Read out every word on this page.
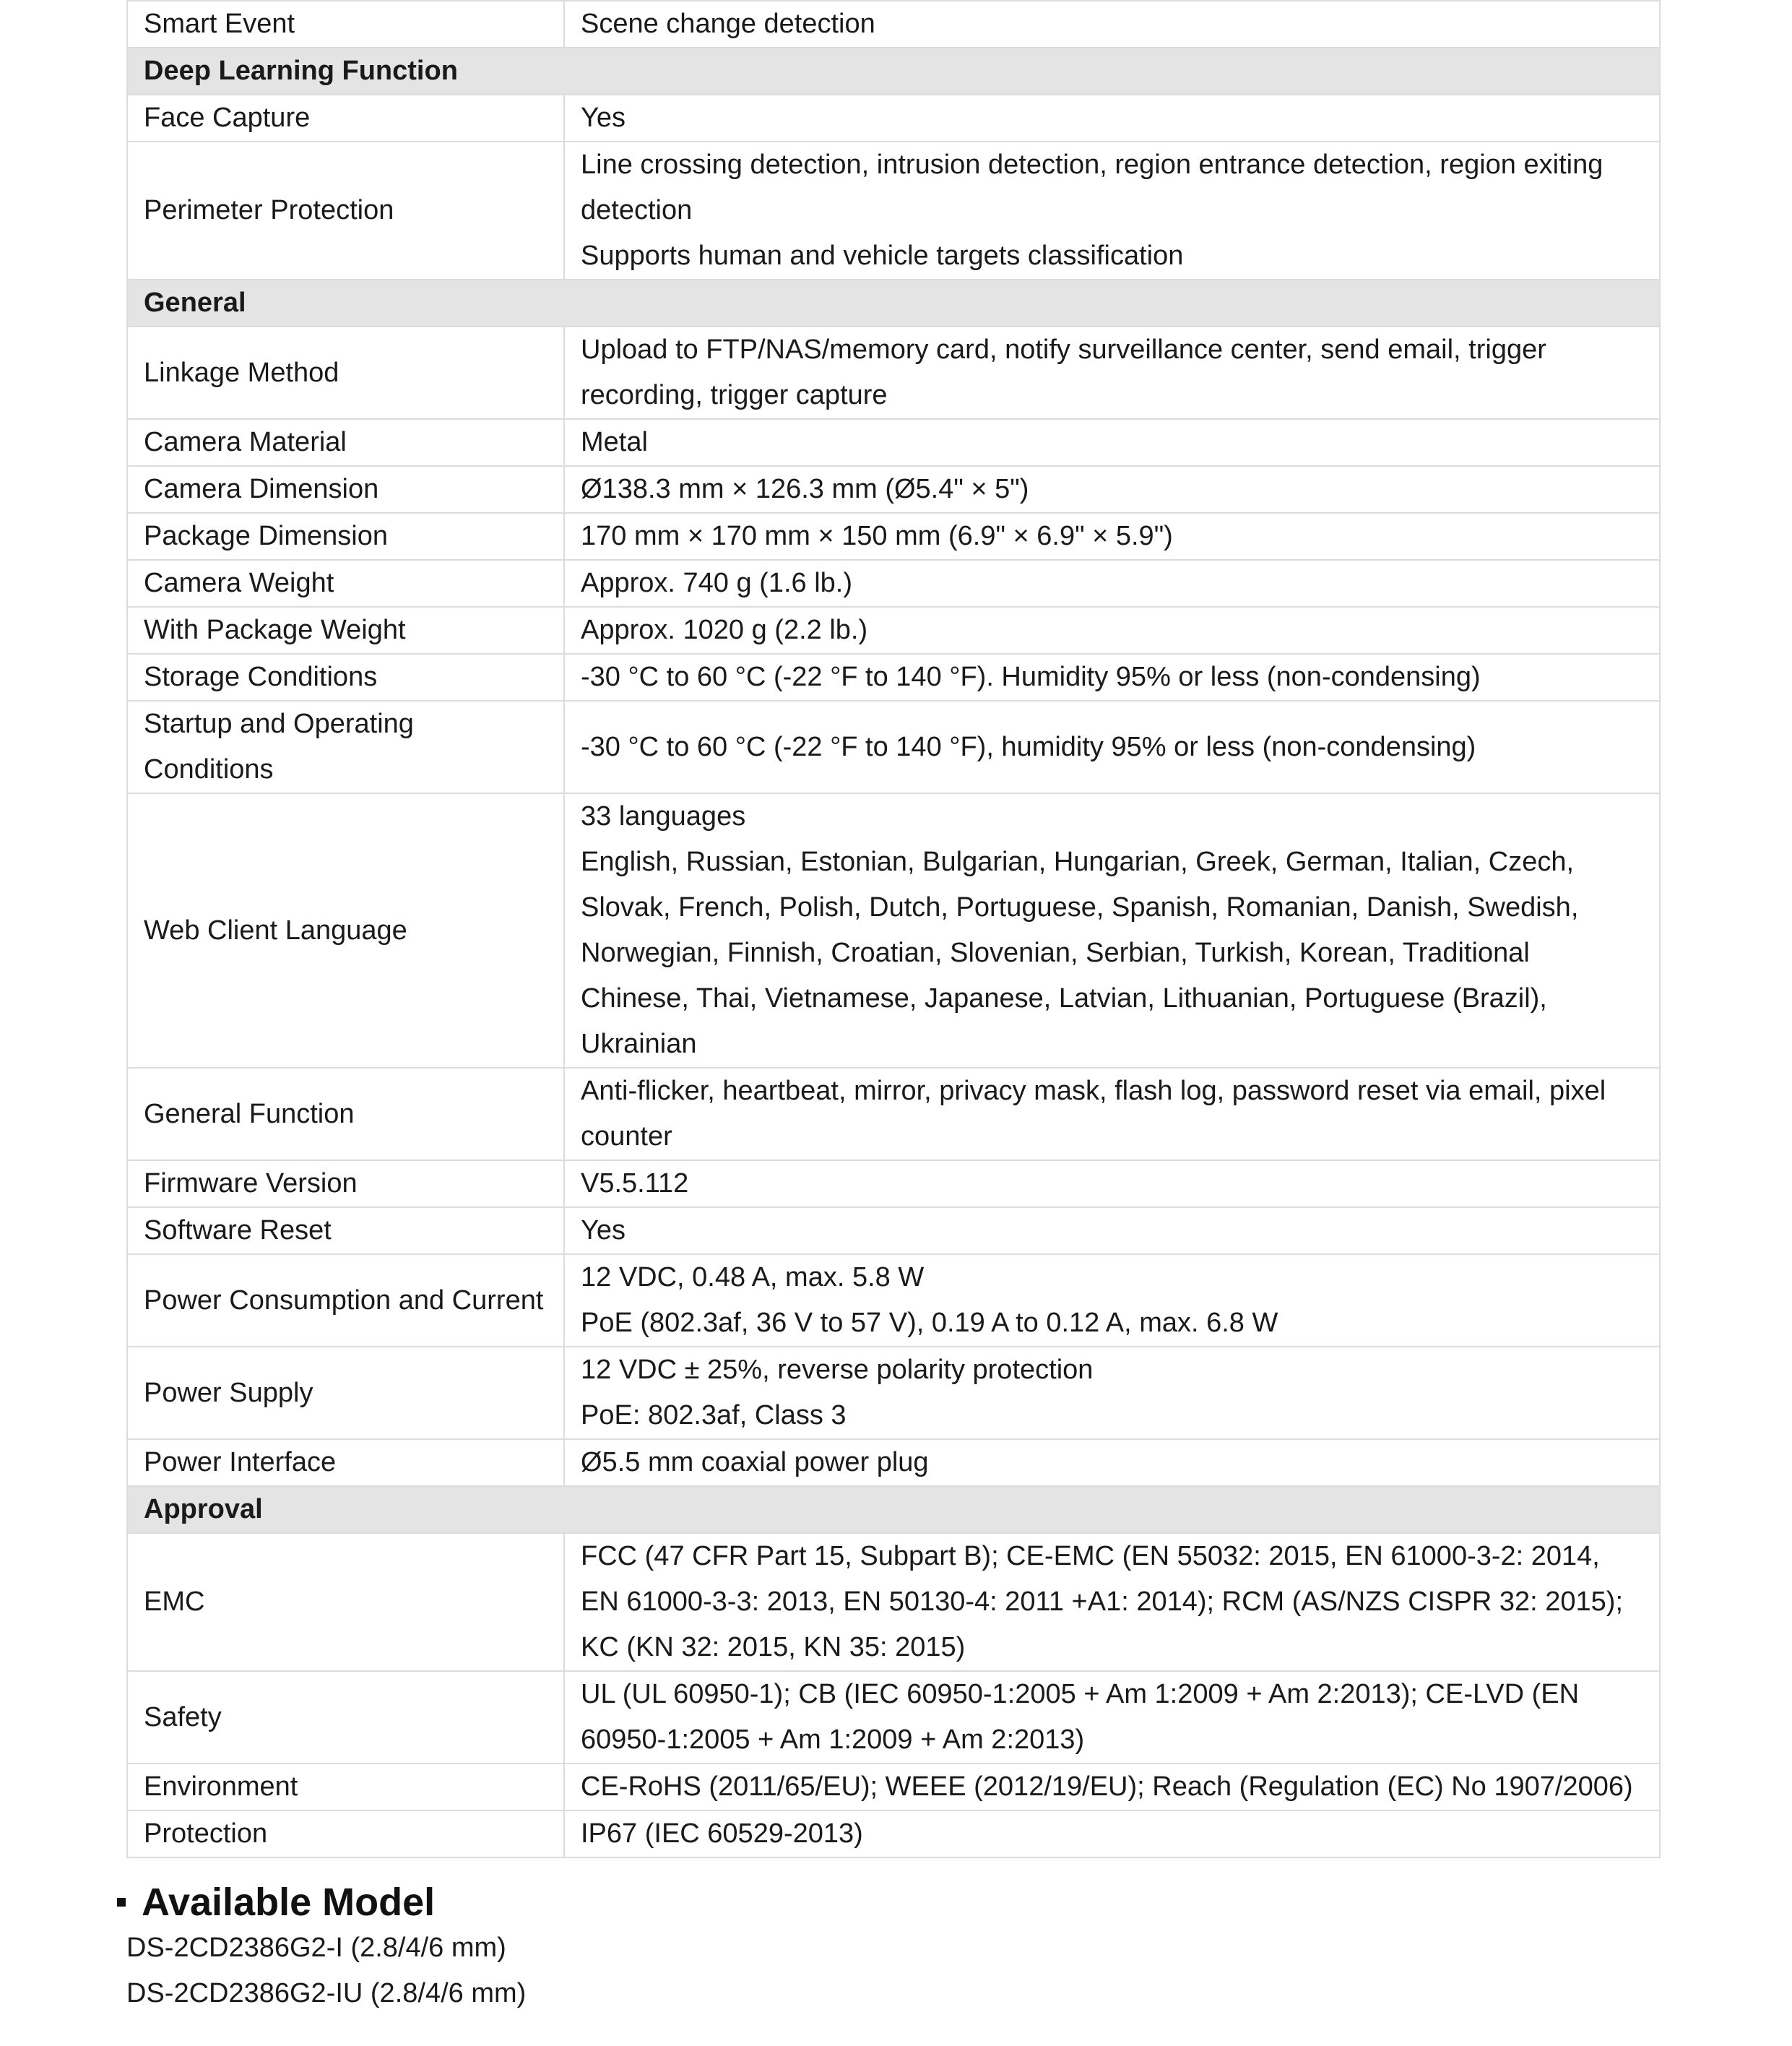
Smart Event	Scene change detection

Deep Learning Function	
Face Capture	Yes

Perimeter Protection	Line crossing detection, intrusion detection, region entrance detection, region exiting detection
Supports human and vehicle targets classification

General	
Linkage Method	Upload to FTP/NAS/memory card, notify surveillance center, send email, trigger recording, trigger capture

Camera Material	Metal

Camera Dimension	Ø138.3 mm × 126.3 mm (Ø5.4" × 5")

Package Dimension	170 mm × 170 mm × 150 mm (6.9" × 6.9" × 5.9")

Camera Weight	Approx. 740 g (1.6 lb.)

With Package Weight	Approx. 1020 g (2.2 lb.)

Storage Conditions	-30 °C to 60 °C (-22 °F to 140 °F). Humidity 95% or less (non-condensing)

Startup and Operating Conditions	-30 °C to 60 °C (-22 °F to 140 °F), humidity 95% or less (non-condensing)

Web Client Language	33 languages
English, Russian, Estonian, Bulgarian, Hungarian, Greek, German, Italian, Czech, Slovak, French, Polish, Dutch, Portuguese, Spanish, Romanian, Danish, Swedish, Norwegian, Finnish, Croatian, Slovenian, Serbian, Turkish, Korean, Traditional Chinese, Thai, Vietnamese, Japanese, Latvian, Lithuanian, Portuguese (Brazil), Ukrainian

General Function	Anti-flicker, heartbeat, mirror, privacy mask, flash log, password reset via email, pixel counter

Firmware Version	V5.5.112

Software Reset	Yes

Power Consumption and Current	12 VDC, 0.48 A, max. 5.8 W
PoE (802.3af, 36 V to 57 V), 0.19 A to 0.12 A, max. 6.8 W

Power Supply	12 VDC ± 25%, reverse polarity protection
PoE: 802.3af, Class 3

Power Interface	Ø5.5 mm coaxial power plug

Approval	
EMC	FCC (47 CFR Part 15, Subpart B); CE-EMC (EN 55032: 2015, EN 61000-3-2: 2014, EN 61000-3-3: 2013, EN 50130-4: 2011 +A1: 2014); RCM (AS/NZS CISPR 32: 2015); KC (KN 32: 2015, KN 35: 2015)

Safety	UL (UL 60950-1); CB (IEC 60950-1:2005 + Am 1:2009 + Am 2:2013); CE-LVD (EN 60950-1:2005 + Am 1:2009 + Am 2:2013)

Environment	CE-RoHS (2011/65/EU); WEEE (2012/19/EU); Reach (Regulation (EC) No 1907/2006)

Protection	IP67 (IEC 60529-2013)
Available Model
DS-2CD2386G2-I (2.8/4/6 mm)
DS-2CD2386G2-IU (2.8/4/6 mm)
